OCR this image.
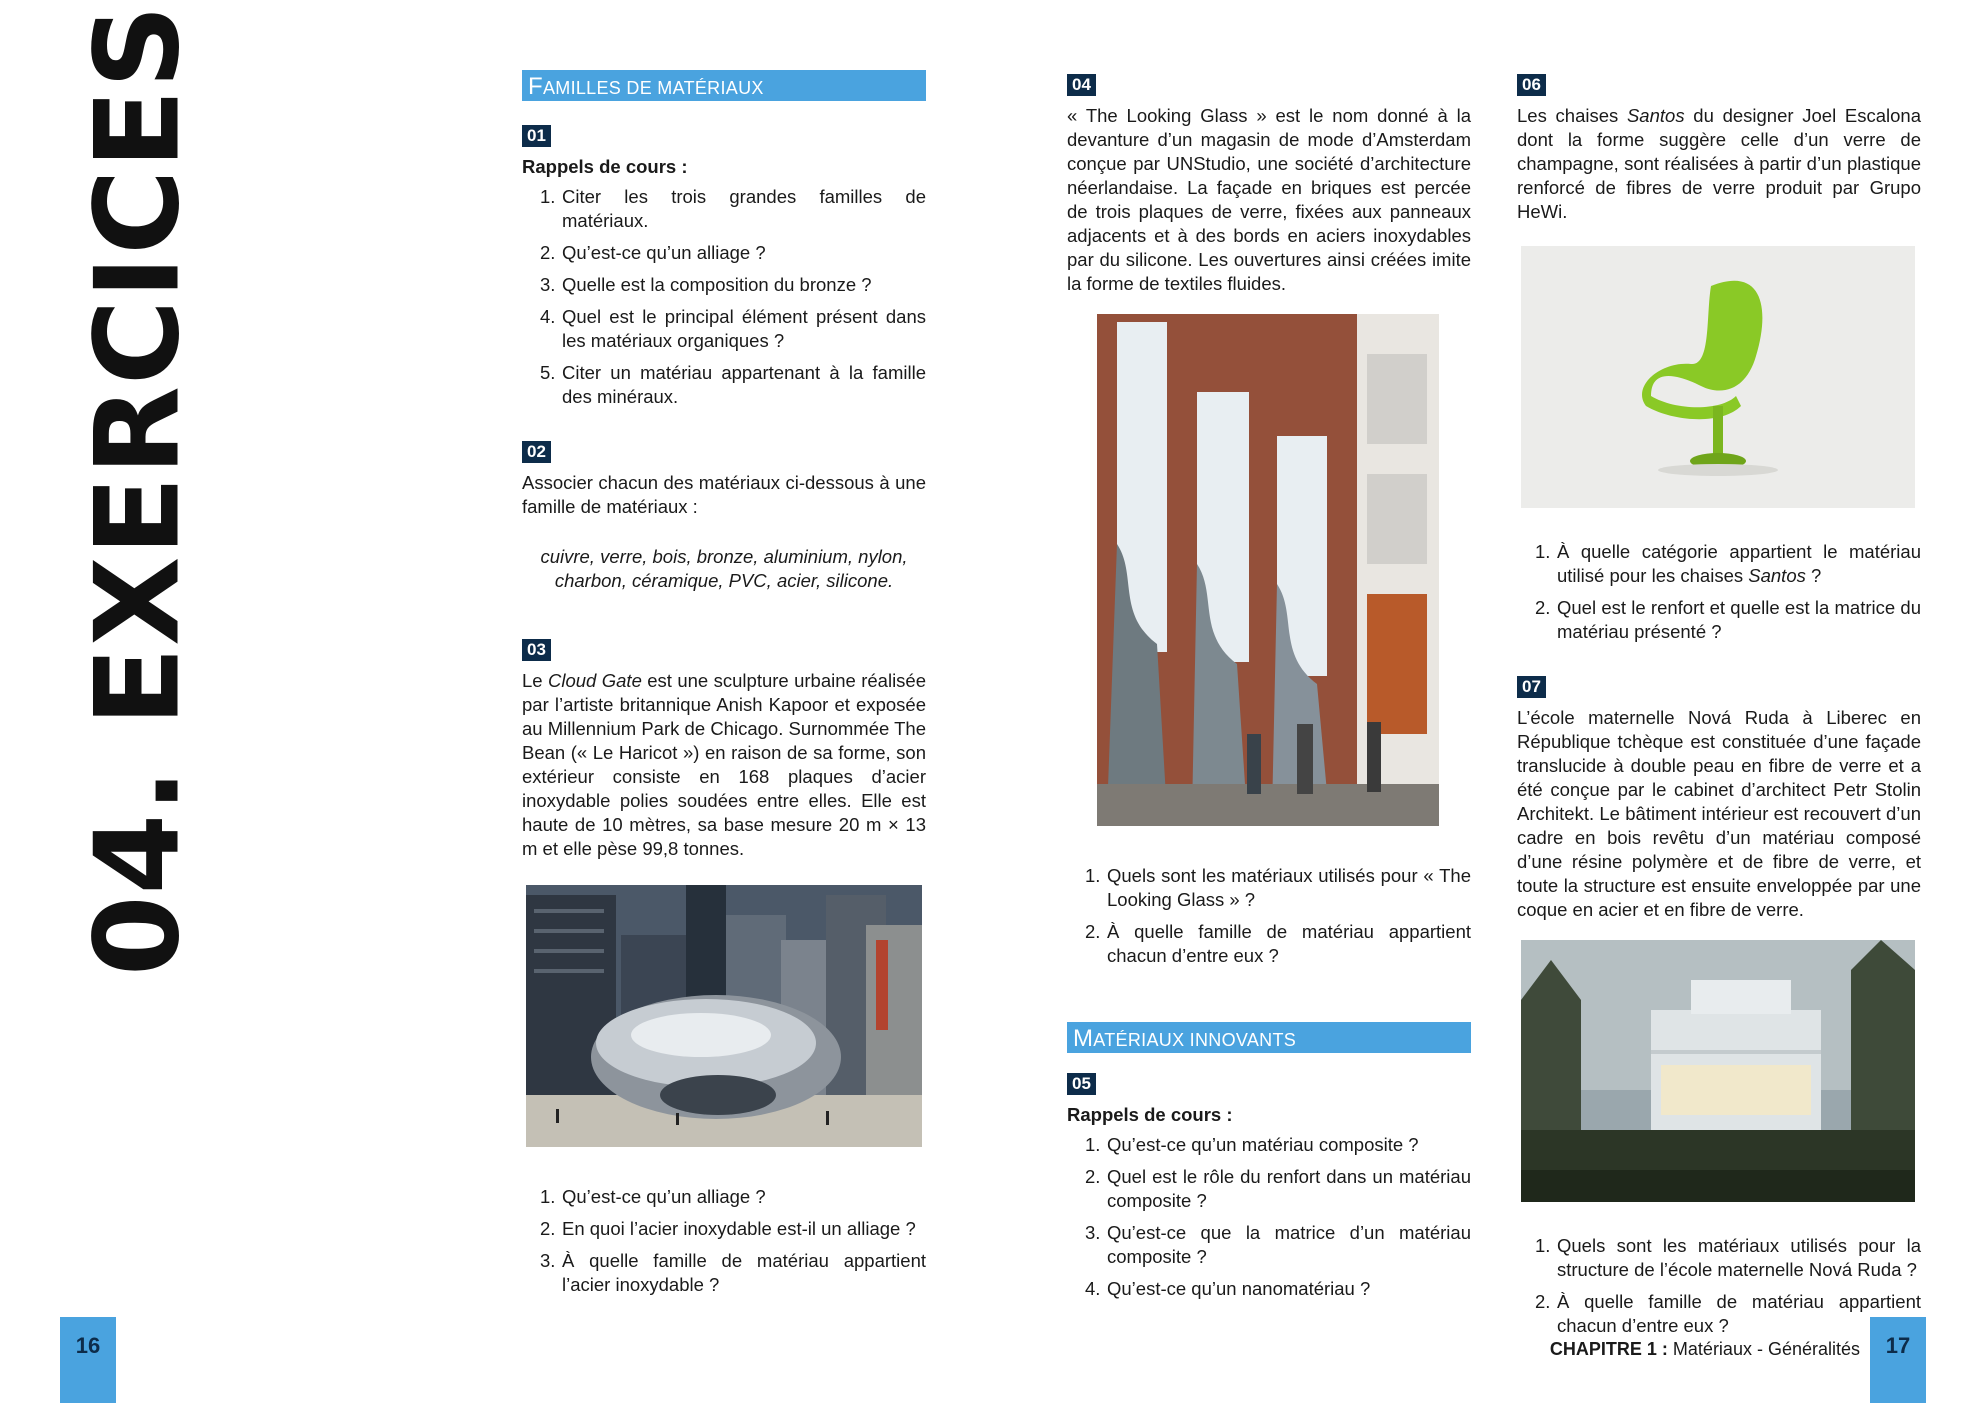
04. EXERCICES	FAMILLES DE MATÉRIAUX
01
Rappels de cours :
1. Citer les trois grandes familles de matériaux.
2. Qu’est-ce qu’un alliage ?
3. Quelle est la composition du bronze ?
4. Quel est le principal élément présent dans les matériaux organiques ?
5. Citer un matériau appartenant à la famille des minéraux.
02
Associer chacun des matériaux ci-dessous à une famille de matériaux :
cuivre, verre, bois, bronze, aluminium, nylon, charbon, céramique, PVC, acier, silicone.
03
Le Cloud Gate est une sculpture urbaine réalisée par l’artiste britannique Anish Kapoor et exposée au Millennium Park de Chicago. Surnommée The Bean (« Le Haricot ») en raison de sa forme, son extérieur consiste en 168 plaques d’acier inoxydable polies soudées entre elles. Elle est haute de 10 mètres, sa base mesure 20 m × 13 m et elle pèse 99,8 tonnes.
1. Qu’est-ce qu’un alliage ?
2. En quoi l’acier inoxydable est-il un alliage ?
3. À quelle famille de matériau appartient l’acier inoxydable ?
04
« The Looking Glass » est le nom donné à la devanture d’un magasin de mode d’Amsterdam conçue par UNStudio, une société d’architecture néerlandaise. La façade en briques est percée de trois plaques de verre, fixées aux panneaux adjacents et à des bords en aciers inoxydables par du silicone. Les ouvertures ainsi créées imite la forme de textiles fluides.
1. Quels sont les matériaux utilisés pour « The Looking Glass » ?
2. À quelle famille de matériau appartient chacun d’entre eux ?
MATÉRIAUX INNOVANTS
05
Rappels de cours :
1. Qu’est-ce qu’un matériau composite ?
2. Quel est le rôle du renfort dans un matériau composite ?
3. Qu’est-ce que la matrice d’un matériau composite ?
4. Qu’est-ce qu’un nanomatériau ?
06
Les chaises Santos du designer Joel Escalona dont la forme suggère celle d’un verre de champagne, sont réalisées à partir d’un plastique renforcé de fibres de verre produit par Grupo HeWi.
1. À quelle catégorie appartient le matériau utilisé pour les chaises Santos ?
2. Quel est le renfort et quelle est la matrice du matériau présenté ?
07
L’école maternelle Nová Ruda à Liberec en République tchèque est constituée d’une façade translucide à double peau en fibre de verre et a été conçue par le cabinet d’architect Petr Stolin Architekt. Le bâtiment intérieur est recouvert d’un cadre en bois revêtu d’un matériau composé d’une résine polymère et de fibre de verre, et toute la structure est ensuite enveloppée par une coque en acier et en fibre de verre.
1. Quels sont les matériaux utilisés pour la structure de l’école maternelle Nová Ruda ?
2. À quelle famille de matériau appartient chacun d’entre eux ?
16	CHAPITRE 1 : Matériaux - Généralités	17
